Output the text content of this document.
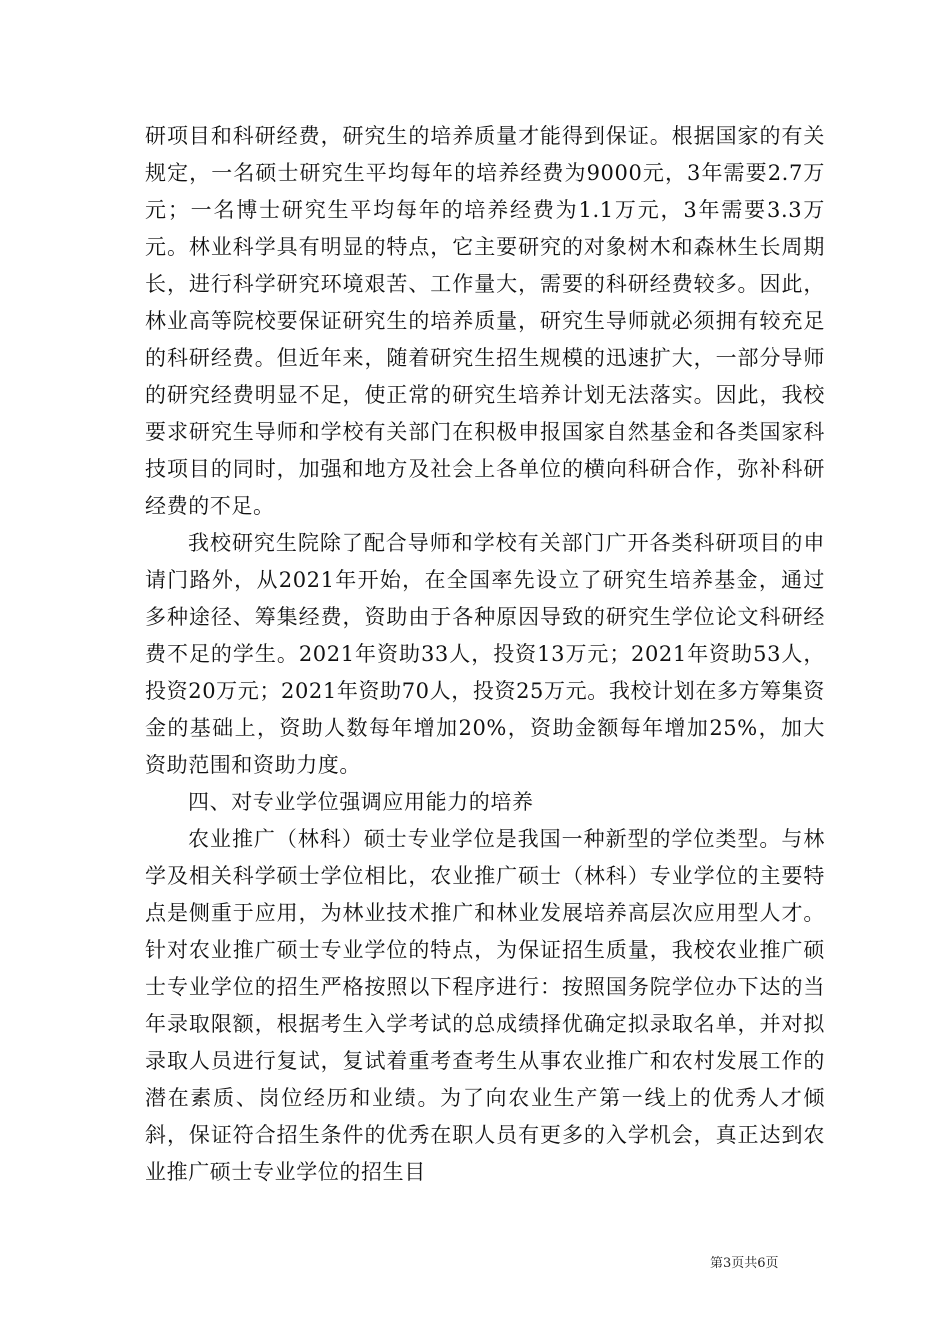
研项目和科研经费，研究生的培养质量才能得到保证。根据国家的有关规定，一名硕士研究生平均每年的培养经费为9000元，3年需要2.7万元；一名博士研究生平均每年的培养经费为1.1万元，3年需要3.3万元。林业科学具有明显的特点，它主要研究的对象树木和森林生长周期长，进行科学研究环境艰苦、工作量大，需要的科研经费较多。因此，林业高等院校要保证研究生的培养质量，研究生导师就必须拥有较充足的科研经费。但近年来，随着研究生招生规模的迅速扩大，一部分导师的研究经费明显不足，使正常的研究生培养计划无法落实。因此，我校要求研究生导师和学校有关部门在积极申报国家自然基金和各类国家科技项目的同时，加强和地方及社会上各单位的横向科研合作，弥补科研经费的不足。

我校研究生院除了配合导师和学校有关部门广开各类科研项目的申请门路外，从2021年开始，在全国率先设立了研究生培养基金，通过多种途径、筹集经费，资助由于各种原因导致的研究生学位论文科研经费不足的学生。2021年资助33人，投资13万元；2021年资助53人，投资20万元；2021年资助70人，投资25万元。我校计划在多方筹集资金的基础上，资助人数每年增加20%，资助金额每年增加25%，加大资助范围和资助力度。

四、对专业学位强调应用能力的培养

农业推广（林科）硕士专业学位是我国一种新型的学位类型。与林学及相关科学硕士学位相比，农业推广硕士（林科）专业学位的主要特点是侧重于应用，为林业技术推广和林业发展培养高层次应用型人才。针对农业推广硕士专业学位的特点，为保证招生质量，我校农业推广硕士专业学位的招生严格按照以下程序进行：按照国务院学位办下达的当年录取限额，根据考生入学考试的总成绩择优确定拟录取名单，并对拟录取人员进行复试，复试着重考查考生从事农业推广和农村发展工作的潜在素质、岗位经历和业绩。为了向农业生产第一线上的优秀人才倾斜，保证符合招生条件的优秀在职人员有更多的入学机会，真正达到农业推广硕士专业学位的招生目

第3页共6页
